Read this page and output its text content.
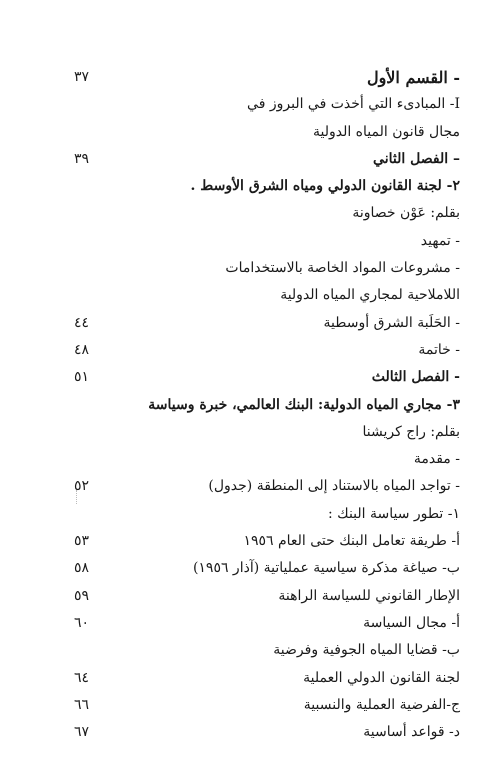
- القسم الأول
٣٧
I- المبادىء التي أخذت في البروز في
مجال قانون المياه الدولية
– الفصل الثاني
٣٩
٢- لجنة القانون الدولي ومياه الشرق الأوسط .
بقلم: عَوْن خصاونة
- تمهيد
- مشروعات المواد الخاصة بالاستخدامات
اللاملاحية لمجاري المياه الدولية
- الحَلَبة الشرق أوسطية
٤٤
- خاتمة
٤٨
- الفصل الثالث
٥١
٣- مجاري المياه الدولية: البنك العالمي، خبرة وسياسة
بقلم: راج كريشنا
- مقدمة
- تواجد المياه بالاستناد إلى المنطقة (جدول)
٥٢
١- تطور سياسة البنك :
أ- طريقة تعامل البنك حتى العام ١٩٥٦
٥٣
ب- صياغة مذكرة سياسية عملياتية (آذار ١٩٥٦)
٥٨
الإطار القانوني للسياسة الراهنة
٥٩
أ- مجال السياسة
٦٠
ب- قضايا المياه الجوفية وفرضية
لجنة القانون الدولي العملية
٦٤
ج-الفرضية العملية والنسبية
٦٦
د- قواعد أساسية
٦٧
